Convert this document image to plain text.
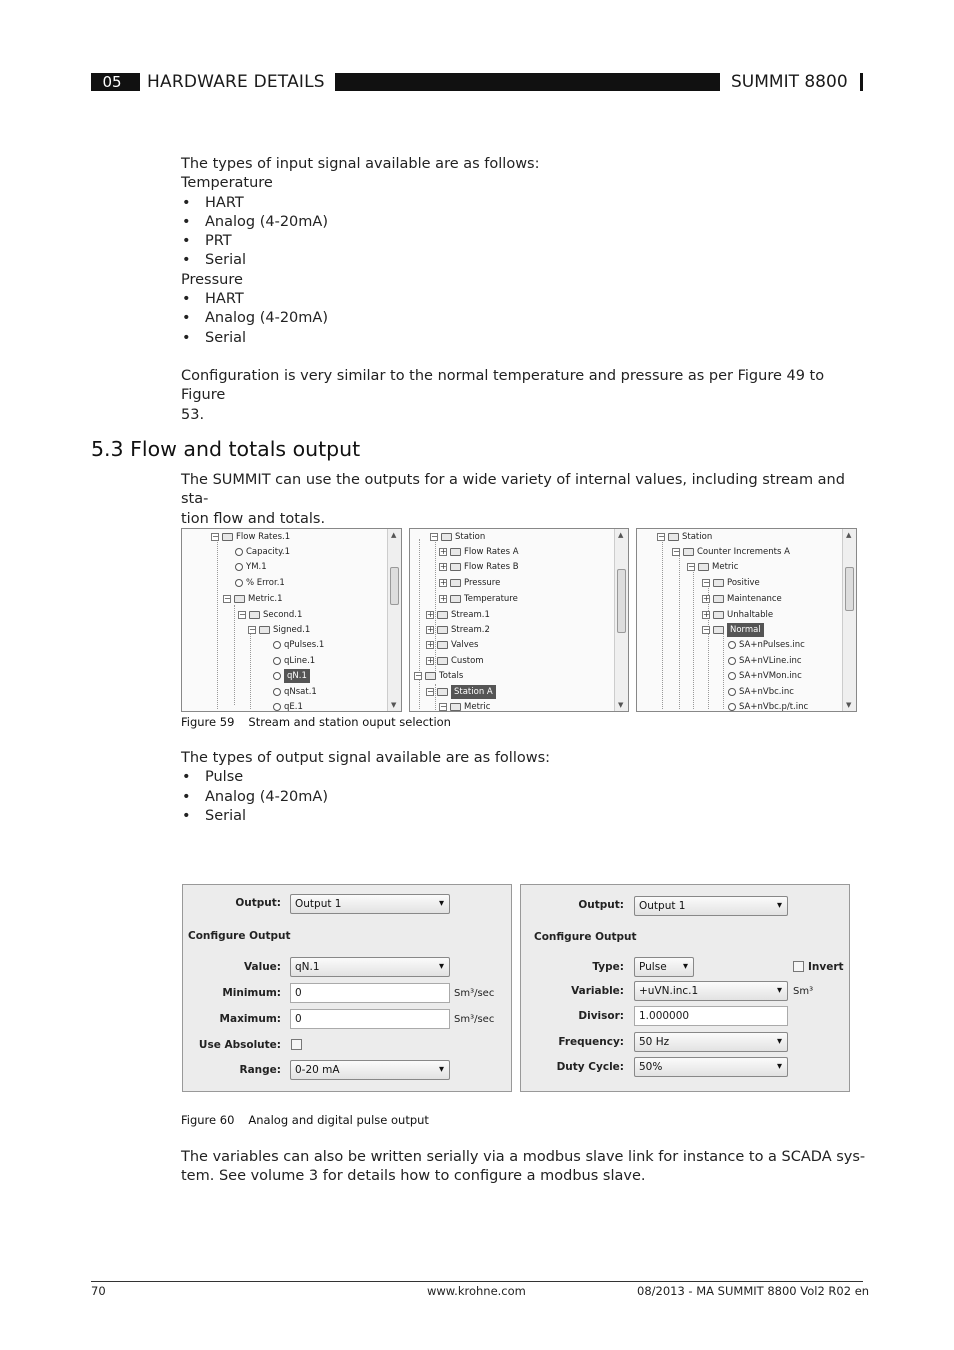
05	HARDWARE DETAILS	SUMMIT 8800
The types of input signal available are as follows:
Temperature
• HART
• Analog (4-20mA)
• PRT
• Serial
Pressure
• HART
• Analog (4-20mA)
• Serial
Configuration is very similar to the normal temperature and pressure as per Figure 49 to Figure
53.
5.3 Flow and totals output
The SUMMIT can use the outputs for a wide variety of internal values, including stream and sta-
tion flow and totals.
− Flow Rates.1
Capacity.1
YM.1
% Error.1
− Metric.1
− Second.1
− Signed.1
qPulses.1
qLine.1
qN.1
qNsat.1
qE.1
▲
▼
− Station
+ Flow Rates A
+ Flow Rates B
+ Pressure
+ Temperature
+ Stream.1
+ Stream.2
+ Valves
+ Custom
− Totals
−	Station A
− Metric
▲
▼
− Station
− Counter Increments A
− Metric
− Positive
+ Maintenance
+ Unhaltable
−	Normal
SA+nPulses.inc
SA+nVLine.inc
SA+nVMon.inc
SA+nVbc.inc
SA+nVbc.p/t.inc
▲
▼
Figure 59 Stream and station ouput selection
The types of output signal available are as follows:
• Pulse
• Analog (4-20mA)
• Serial
Output:	Output 1 ▾
Configure Output
Value:	qN.1 ▾
Minimum:	0	Sm³/sec
Maximum:	0	Sm³/sec
Use Absolute:
Range:	0-20 mA ▾
Output:	Output 1 ▾
Configure Output
Type:	Pulse ▾	Invert
Variable:	+uVN.inc.1 ▾	Sm³
Divisor:	1.000000
Frequency:	50 Hz ▾
Duty Cycle:	50% ▾
Figure 60 Analog and digital pulse output
The variables can also be written serially via a modbus slave link for instance to a SCADA sys-
tem. See volume 3 for details how to configure a modbus slave.
70	www.krohne.com	08/2013 - MA SUMMIT 8800 Vol2 R02 en
